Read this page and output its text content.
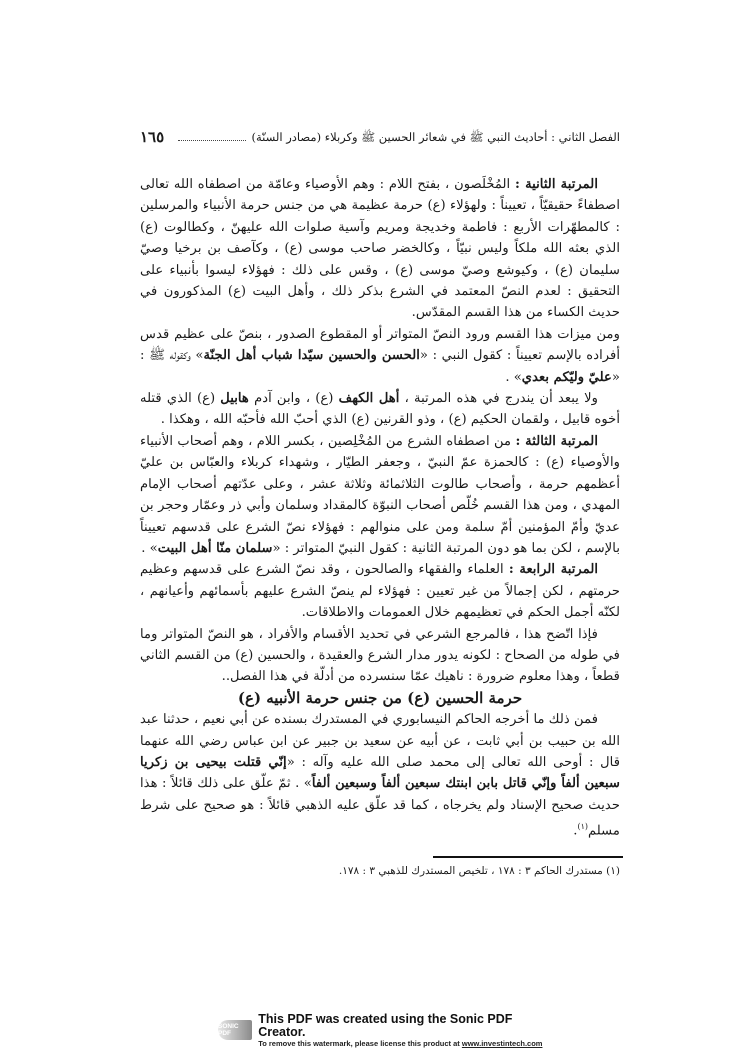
الفصل الثاني : أحاديث النبي ﷺ في شعائر الحسين ﷺ وكربلاء (مصادر السنّة)
١٦٥

المرتبة الثانية : المُخْلَصون ، بفتح اللام : وهم الأوصياء وعامّة من اصطفاه الله تعالى اصطفاءً حقيقيّاً ، تعييناً : ولهؤلاء (ع) حرمة عظيمة هي من جنس حرمة الأنبياء والمرسلين : كالمطهّرات الأربع : فاطمة وخديجة ومريم وآسية صلوات الله عليهنّ ، وكطالوت (ع) الذي بعثه الله ملكاً وليس نبيّاً ، وكالخضر صاحب موسى (ع) ، وكآصف بن برخيا وصيّ سليمان (ع) ، وكيوشع وصيّ موسى (ع) ، وقس على ذلك : فهؤلاء ليسوا بأنبياء على التحقيق : لعدم النصّ المعتمد في الشرع بذكر ذلك ، وأهل البيت (ع) المذكورون في حديث الكساء من هذا القسم المقدّس.

ومن ميزات هذا القسم ورود النصّ المتواتر أو المقطوع الصدور ، بنصّ على عظيم قدس أفراده بالإسم تعييناً : كقول النبي : «الحسن والحسين سيّدا شباب أهل الجنّة» وكقوله ﷺ : «عليّ وليّكم بعدي» .

ولا يبعد أن يندرج في هذه المرتبة ، أهل الكهف (ع) ، وابن آدم هابيل (ع) الذي قتله أخوه قابيل ، ولقمان الحكيم (ع) ، وذو القرنين (ع) الذي أحبّ الله فأحبّه الله ، وهكذا .

المرتبة الثالثة : من اصطفاه الشرع من المُخْلِصين ، بكسر اللام ، وهم أصحاب الأنبياء والأوصياء (ع) : كالحمزة عمّ النبيّ ، وجعفر الطيّار ، وشهداء كربلاء والعبّاس بن عليّ أعظمهم حرمة ، وأصحاب طالوت الثلاثمائة وثلاثة عشر ، وعلى عدّتهم أصحاب الإمام المهدي ، ومن هذا القسم خُلّص أصحاب النبوّة كالمقداد وسلمان وأبي ذر وعمّار وحجر بن عديّ وأمّ المؤمنين أمّ سلمة ومن على منوالهم : فهؤلاء نصّ الشرع على قدسهم تعييناً بالإسم ، لكن بما هو دون المرتبة الثانية : كقول النبيّ المتواتر : «سلمان منّا أهل البيت» .

المرتبة الرابعة : العلماء والفقهاء والصالحون ، وقد نصّ الشرع على قدسهم وعظيم حرمتهم ، لكن إجمالاً من غير تعيين : فهؤلاء لم ينصّ الشرع عليهم بأسمائهم وأعيانهم ، لكنّه أجمل الحكم في تعظيمهم خلال العمومات والاطلاقات.

فإذا اتّضح هذا ، فالمرجع الشرعي في تحديد الأقسام والأفراد ، هو النصّ المتواتر وما في طوله من الصحاح : لكونه يدور مدار الشرع والعقيدة ، والحسين (ع) من القسم الثاني قطعاً ، وهذا معلوم ضرورة : ناهيك عمّا سنسرده من أدلّة في هذا الفصل..

حرمة الحسين (ع) من جنس حرمة الأنبيه (ع)

فمن ذلك ما أخرجه الحاكم النيسابوري في المستدرك بسنده عن أبي نعيم ، حدثنا عبد الله بن حبيب بن أبي ثابت ، عن أبيه عن سعيد بن جبير عن ابن عباس رضي الله عنهما قال : أوحى الله تعالى إلى محمد صلى الله عليه وآله : «إنّي قتلت بيحيى بن زكريا سبعين ألفاً وإنّي قاتل بابن ابنتك سبعين ألفاً وسبعين ألفاً» . ثمّ علّق على ذلك قائلاً : هذا حديث صحيح الإسناد ولم يخرجاه ، كما قد علّق عليه الذهبي قائلاً : هو صحيح على شرط مسلم$^{(١)}$.

(١) مستدرك الحاكم ٣ : ١٧٨ ، تلخيص المستدرك للذهبي ٣ : ١٧٨.
SONIC PDF
This PDF was created using the Sonic PDF Creator.
To remove this watermark, please license this product at www.investintech.com
